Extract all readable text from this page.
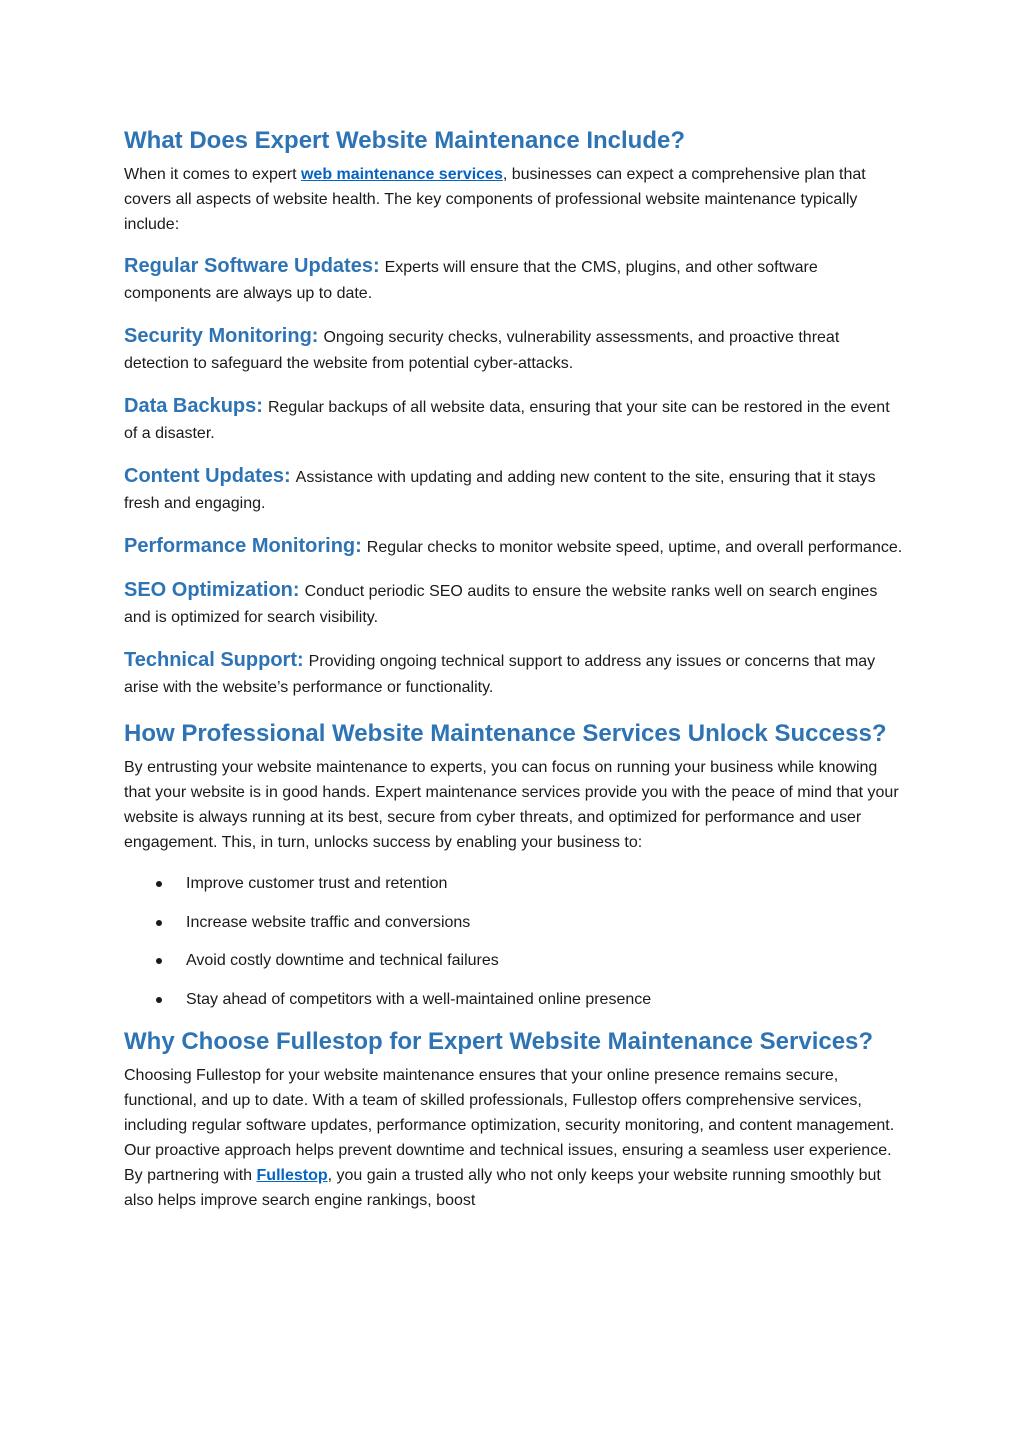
What Does Expert Website Maintenance Include?

When it comes to expert web maintenance services, businesses can expect a comprehensive plan that covers all aspects of website health. The key components of professional website maintenance typically include:

Regular Software Updates: Experts will ensure that the CMS, plugins, and other software components are always up to date.

Security Monitoring: Ongoing security checks, vulnerability assessments, and proactive threat detection to safeguard the website from potential cyber-attacks.

Data Backups: Regular backups of all website data, ensuring that your site can be restored in the event of a disaster.

Content Updates: Assistance with updating and adding new content to the site, ensuring that it stays fresh and engaging.

Performance Monitoring: Regular checks to monitor website speed, uptime, and overall performance.

SEO Optimization: Conduct periodic SEO audits to ensure the website ranks well on search engines and is optimized for search visibility.

Technical Support: Providing ongoing technical support to address any issues or concerns that may arise with the website’s performance or functionality.

How Professional Website Maintenance Services Unlock Success?

By entrusting your website maintenance to experts, you can focus on running your business while knowing that your website is in good hands. Expert maintenance services provide you with the peace of mind that your website is always running at its best, secure from cyber threats, and optimized for performance and user engagement. This, in turn, unlocks success by enabling your business to:

Improve customer trust and retention
Increase website traffic and conversions
Avoid costly downtime and technical failures
Stay ahead of competitors with a well-maintained online presence
Why Choose Fullestop for Expert Website Maintenance Services?

Choosing Fullestop for your website maintenance ensures that your online presence remains secure, functional, and up to date. With a team of skilled professionals, Fullestop offers comprehensive services, including regular software updates, performance optimization, security monitoring, and content management. Our proactive approach helps prevent downtime and technical issues, ensuring a seamless user experience. By partnering with Fullestop, you gain a trusted ally who not only keeps your website running smoothly but also helps improve search engine rankings, boost
